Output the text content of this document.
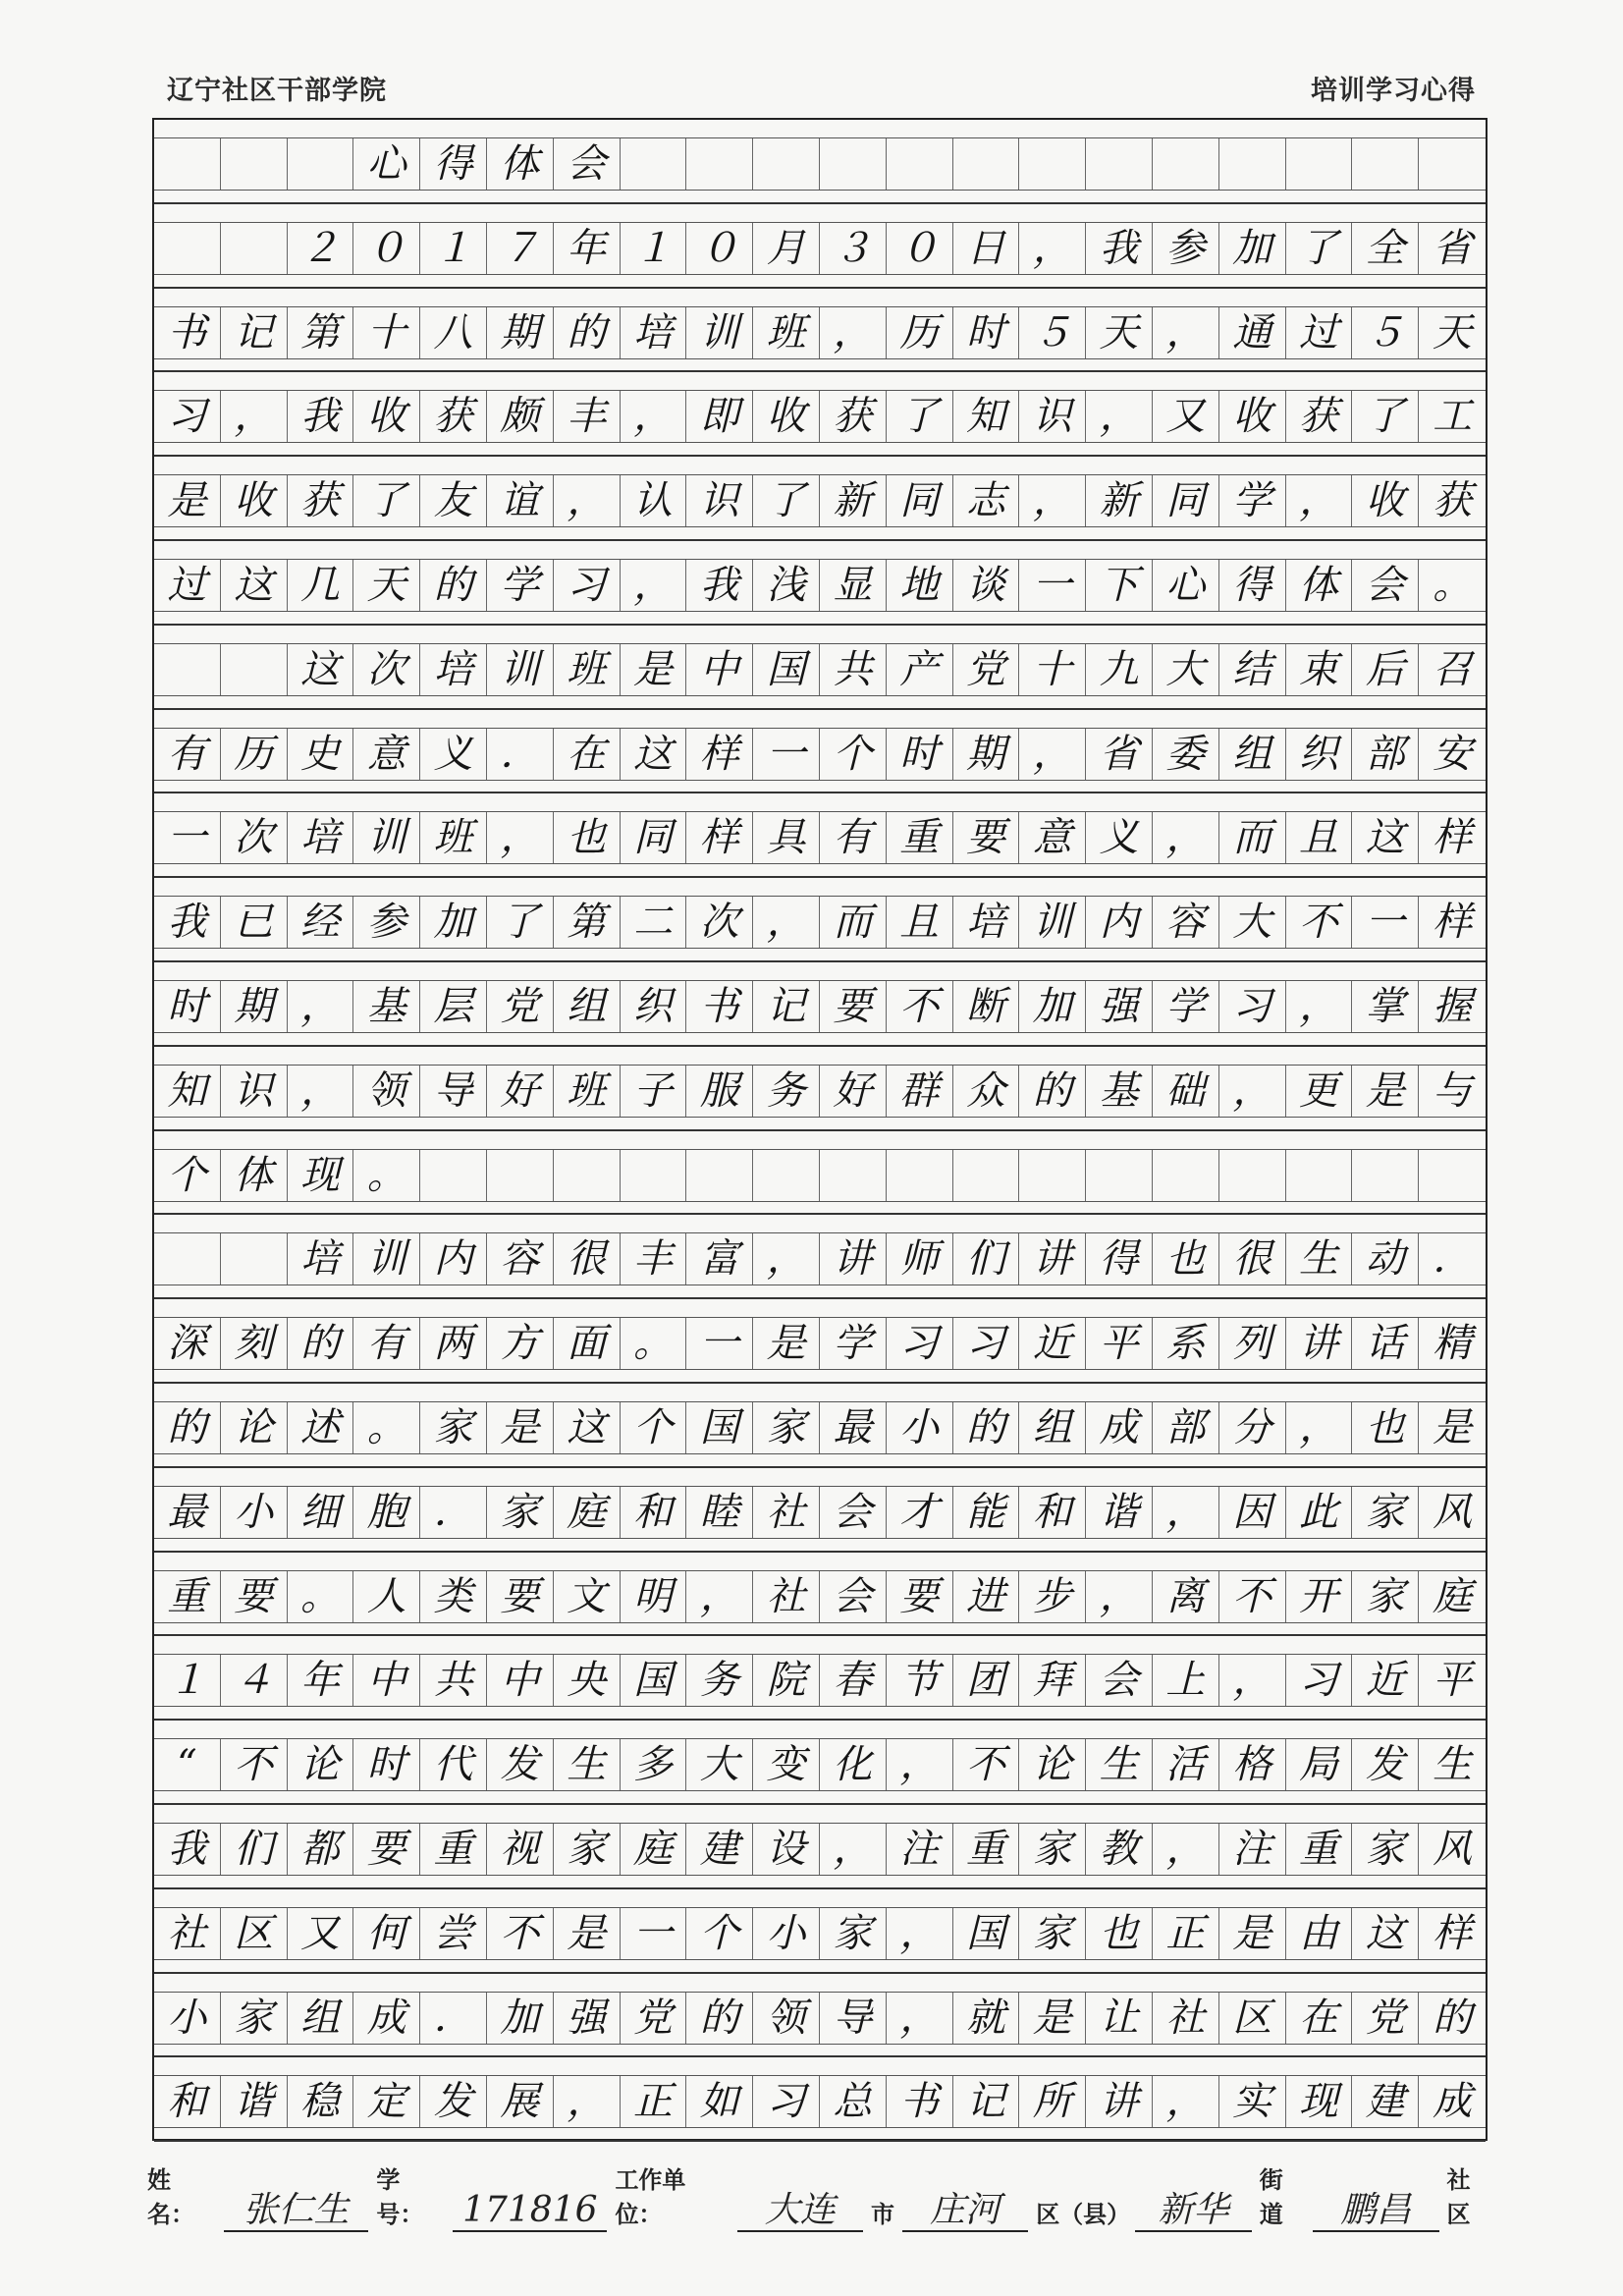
辽宁社区干部学院	培训学习心得
心 得 体 会
２ ０ １ ７ 年 １ ０ 月 ３ ０ 日 ， 我 参 加 了 全 省
书 记 第 十 八 期 的 培 训 班 ， 历 时 ５ 天 ， 通 过 ５ 天
习 ， 我 收 获 颇 丰 ， 即 收 获 了 知 识 ， 又 收 获 了 工
是 收 获 了 友 谊 ， 认 识 了 新 同 志 ， 新 同 学 ， 收 获
过 这 几 天 的 学 习 ， 我 浅 显 地 谈 一 下 心 得 体 会 。
这 次 培 训 班 是 中 国 共 产 党 十 九 大 结 束 后 召
有 历 史 意 义 ． 在 这 样 一 个 时 期 ， 省 委 组 织 部 安
一 次 培 训 班 ， 也 同 样 具 有 重 要 意 义 ， 而 且 这 样
我 已 经 参 加 了 第 二 次 ， 而 且 培 训 内 容 大 不 一 样
时 期 ， 基 层 党 组 织 书 记 要 不 断 加 强 学 习 ， 掌 握
知 识 ， 领 导 好 班 子 服 务 好 群 众 的 基 础 ， 更 是 与
个 体 现 。
培 训 内 容 很 丰 富 ， 讲 师 们 讲 得 也 很 生 动 ．
深 刻 的 有 两 方 面 。 一 是 学 习 习 近 平 系 列 讲 话 精
的 论 述 。 家 是 这 个 国 家 最 小 的 组 成 部 分 ， 也 是
最 小 细 胞 ． 家 庭 和 睦 社 会 才 能 和 谐 ， 因 此 家 风
重 要 。 人 类 要 文 明 ， 社 会 要 进 步 ， 离 不 开 家 庭
１ ４ 年 中 共 中 央 国 务 院 春 节 团 拜 会 上 ， 习 近 平
“ 不 论 时 代 发 生 多 大 变 化 ， 不 论 生 活 格 局 发 生
我 们 都 要 重 视 家 庭 建 设 ， 注 重 家 教 ， 注 重 家 风
社 区 又 何 尝 不 是 一 个 小 家 ， 国 家 也 正 是 由 这 样
小 家 组 成 ． 加 强 党 的 领 导 ， 就 是 让 社 区 在 党 的
和 谐 稳 定 发 展 ， 正 如 习 总 书 记 所 讲 ， 实 现 建 成
姓名：	张仁生
学号：	171816
工作单位：	大连	市	庄河	区（县） 新华
街道	鹏昌
社区
